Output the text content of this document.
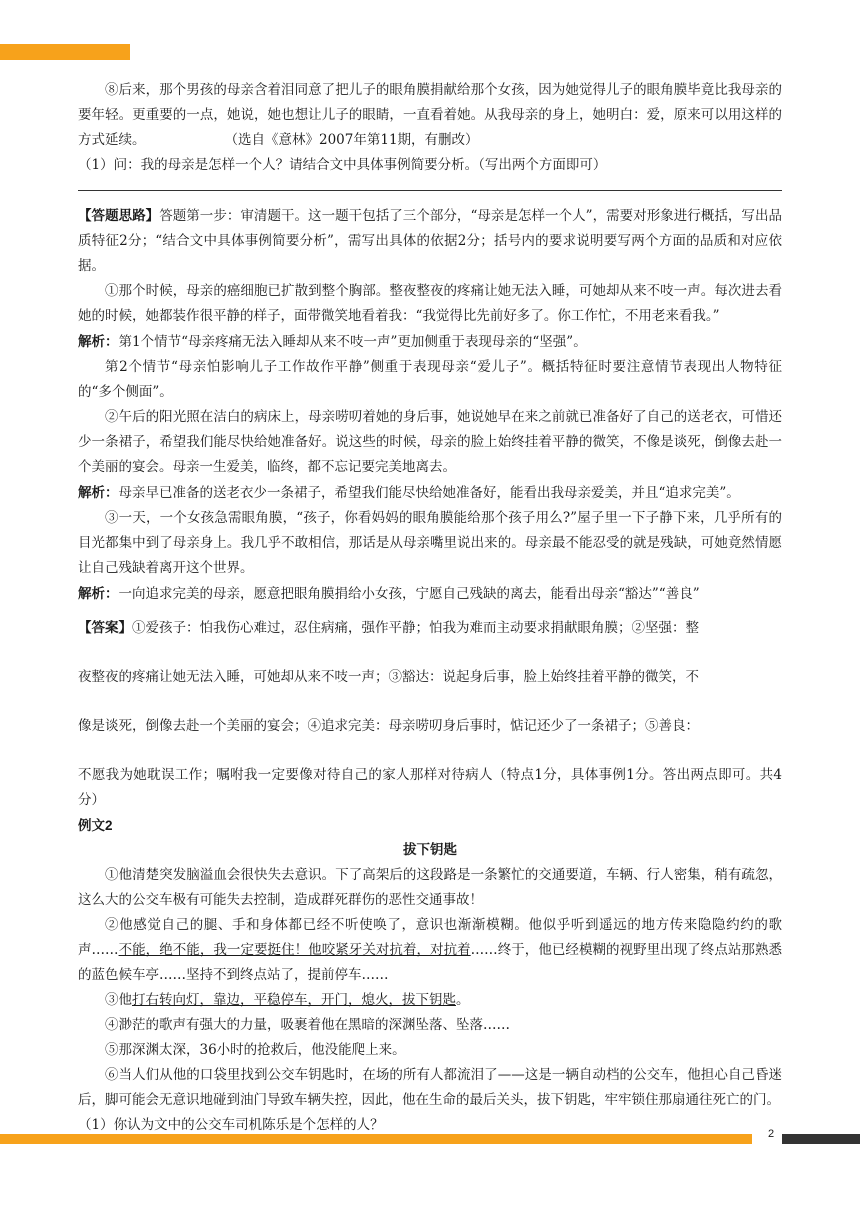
⑧后来，那个男孩的母亲含着泪同意了把儿子的眼角膜捐献给那个女孩，因为她觉得儿子的眼角膜毕竟比我母亲的要年轻。更重要的一点，她说，她也想让儿子的眼睛，一直看着她。从我母亲的身上，她明白：爱，原来可以用这样的方式延续。	（选自《意林》2007年第11期，有删改）

（1）问：我的母亲是怎样一个人？请结合文中具体事例简要分析。（写出两个方面即可）

【答题思路】答题第一步：审清题干。这一题干包括了三个部分，“母亲是怎样一个人”，需要对形象进行概括，写出品质特征2分；“结合文中具体事例简要分析”，需写出具体的依据2分；括号内的要求说明要写两个方面的品质和对应依据。

①那个时候，母亲的癌细胞已扩散到整个胸部。整夜整夜的疼痛让她无法入睡，可她却从来不吱一声。每次进去看她的时候，她都装作很平静的样子，面带微笑地看着我：“我觉得比先前好多了。你工作忙，不用老来看我。”

解析：第1个情节“母亲疼痛无法入睡却从来不吱一声”更加侧重于表现母亲的“坚强”。

第2个情节“母亲怕影响儿子工作故作平静”侧重于表现母亲“爱儿子”。概括特征时要注意情节表现出人物特征的“多个侧面”。

②午后的阳光照在洁白的病床上，母亲唠叨着她的身后事，她说她早在来之前就已准备好了自己的送老衣，可惜还少一条裙子，希望我们能尽快给她准备好。说这些的时候，母亲的脸上始终挂着平静的微笑，不像是谈死，倒像去赴一个美丽的宴会。母亲一生爱美，临终，都不忘记要完美地离去。

解析：母亲早已准备的送老衣少一条裙子，希望我们能尽快给她准备好，能看出我母亲爱美，并且“追求完美”。

③一天，一个女孩急需眼角膜，“孩子，你看妈妈的眼角膜能给那个孩子用么?”屋子里一下子静下来，几乎所有的目光都集中到了母亲身上。我几乎不敢相信，那话是从母亲嘴里说出来的。母亲最不能忍受的就是残缺，可她竟然情愿让自己残缺着离开这个世界。

解析：一向追求完美的母亲，愿意把眼角膜捐给小女孩，宁愿自己残缺的离去，能看出母亲“豁达”“善良”

【答案】①爱孩子：怕我伤心难过，忍住病痛，强作平静；怕我为难而主动要求捐献眼角膜；②坚强：整

夜整夜的疼痛让她无法入睡，可她却从来不吱一声；③豁达：说起身后事，脸上始终挂着平静的微笑，不

像是谈死，倒像去赴一个美丽的宴会；④追求完美：母亲唠叨身后事时，惦记还少了一条裙子；⑤善良：

不愿我为她耽误工作；嘱咐我一定要像对待自己的家人那样对待病人（特点1分，具体事例1分。答出两点即可。共4分）

例文2

拔下钥匙

①他清楚突发脑溢血会很快失去意识。下了高架后的这段路是一条繁忙的交通要道，车辆、行人密集，稍有疏忽，这么大的公交车极有可能失去控制，造成群死群伤的恶性交通事故！

②他感觉自己的腿、手和身体都已经不听使唤了，意识也渐渐模糊。他似乎听到遥远的地方传来隐隐约约的歌声……不能，绝不能，我一定要挺住！他咬紧牙关对抗着，对抗着……终于，他已经模糊的视野里出现了终点站那熟悉的蓝色候车亭……坚持不到终点站了，提前停车……

③他打右转向灯，靠边，平稳停车，开门，熄火，拔下钥匙。

④渺茫的歌声有强大的力量，吸裹着他在黑暗的深渊坠落、坠落……

⑤那深渊太深，36小时的抢救后，他没能爬上来。

⑥当人们从他的口袋里找到公交车钥匙时，在场的所有人都流泪了——这是一辆自动档的公交车，他担心自己昏迷后，脚可能会无意识地碰到油门导致车辆失控，因此，他在生命的最后关头，拔下钥匙，牢牢锁住那扇通往死亡的门。

（1）你认为文中的公交车司机陈乐是个怎样的人？

2
